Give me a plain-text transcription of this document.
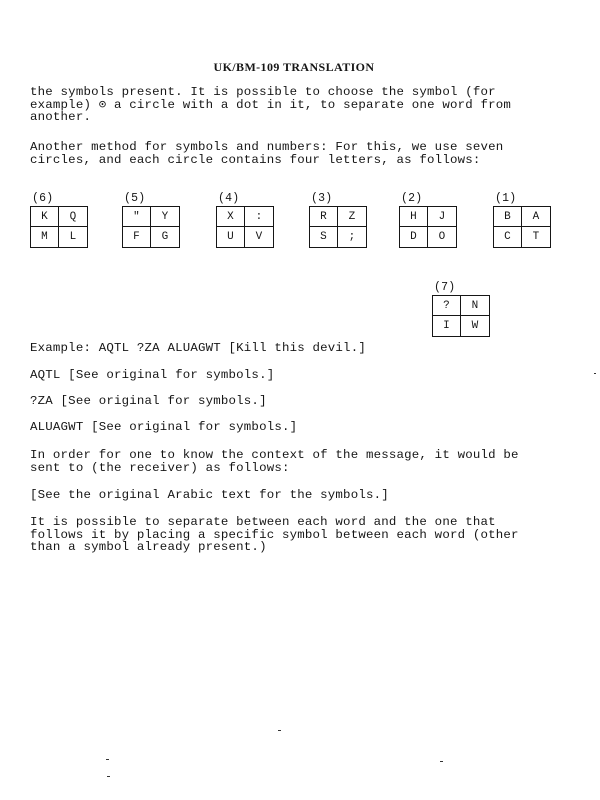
UK/BM-109 TRANSLATION

the symbols present. It is possible to choose the symbol (for
example) ⊙ a circle with a dot in it, to separate one word from
another.

Another method for symbols and numbers: For this, we use seven
circles, and each circle contains four letters, as follows:

(6)
K	Q
M	L
(5)
"	Y
F	G
(4)
X	:
U	V
(3)
R	Z
S	;
(2)
H	J
D	O
(1)
B	A
C	T
(7)
?	N
I	W

Example: AQTL ?ZA ALUAGWT [Kill this devil.]

AQTL [See original for symbols.]

?ZA [See original for symbols.]

ALUAGWT [See original for symbols.]

In order for one to know the context of the message, it would be
sent to (the receiver) as follows:

[See the original Arabic text for the symbols.]

It is possible to separate between each word and the one that
follows it by placing a specific symbol between each word (other
than a symbol already present.)
